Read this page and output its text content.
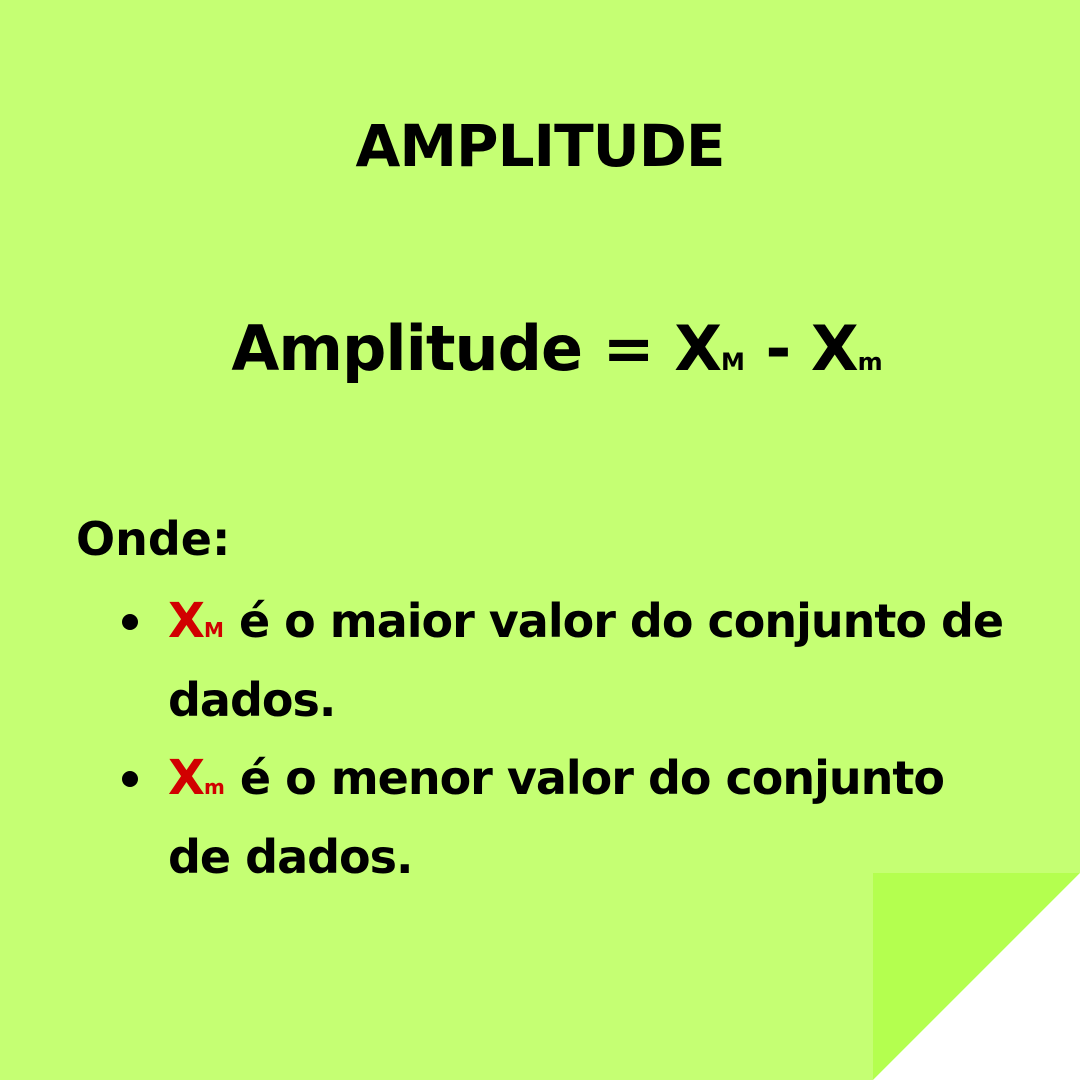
AMPLITUDE
Amplitude = XM - Xm
Onde:
XM é o maior valor do conjunto de dados.
Xm é o menor valor do conjunto de dados.
